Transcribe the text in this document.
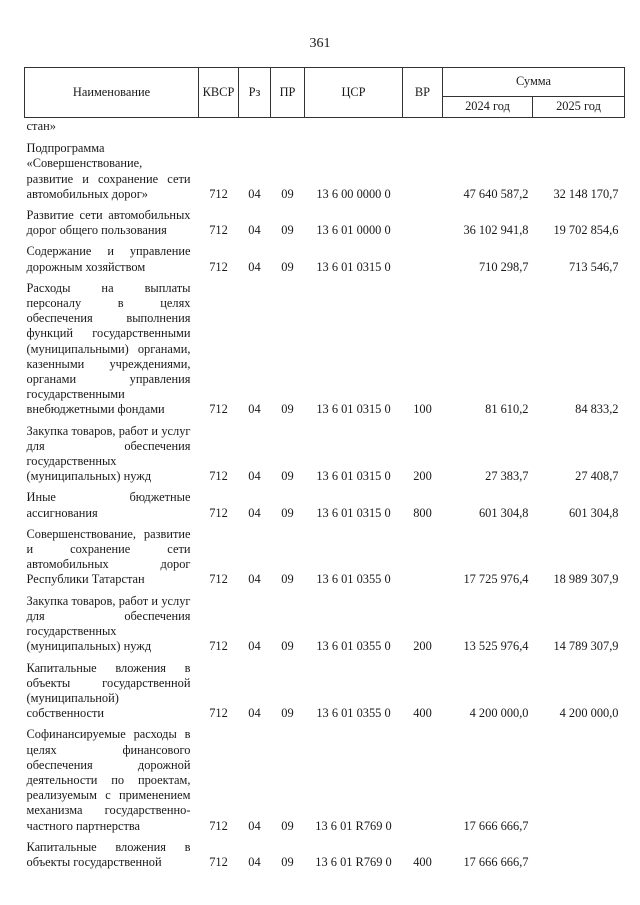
361
Наименование	КВСР	Рз	ПР	ЦСР	ВР	Сумма	
						2024 год	2025 год
стан»							
Подпрограмма «Совершенствование, развитие и сохранение сети автомобильных дорог»	712	04	09	13 6 00 0000 0		47 640 587,2	32 148 170,7
Развитие сети автомобильных дорог общего пользования	712	04	09	13 6 01 0000 0		36 102 941,8	19 702 854,6
Содержание и управление дорожным хозяйством	712	04	09	13 6 01 0315 0		710 298,7	713 546,7
Расходы на выплаты персоналу в целях обеспечения выполнения функций государственными (муниципальными) органами, казенными учреждениями, органами управления государственными внебюджетными фондами	712	04	09	13 6 01 0315 0	100	81 610,2	84 833,2
Закупка товаров, работ и услуг для обеспечения государственных (муниципальных) нужд	712	04	09	13 6 01 0315 0	200	27 383,7	27 408,7
Иные бюджетные ассигнования	712	04	09	13 6 01 0315 0	800	601 304,8	601 304,8
Совершенствование, развитие и сохранение сети автомобильных дорог Республики Татарстан	712	04	09	13 6 01 0355 0		17 725 976,4	18 989 307,9
Закупка товаров, работ и услуг для обеспечения государственных (муниципальных) нужд	712	04	09	13 6 01 0355 0	200	13 525 976,4	14 789 307,9
Капитальные вложения в объекты государственной (муниципальной) собственности	712	04	09	13 6 01 0355 0	400	4 200 000,0	4 200 000,0
Софинансируемые расходы в целях финансового обеспечения дорожной деятельности по проектам, реализуемым с применением механизма государственно-частного партнерства	712	04	09	13 6 01 R769 0		17 666 666,7	
Капитальные вложения в объекты государственной	712	04	09	13 6 01 R769 0	400	17 666 666,7	
